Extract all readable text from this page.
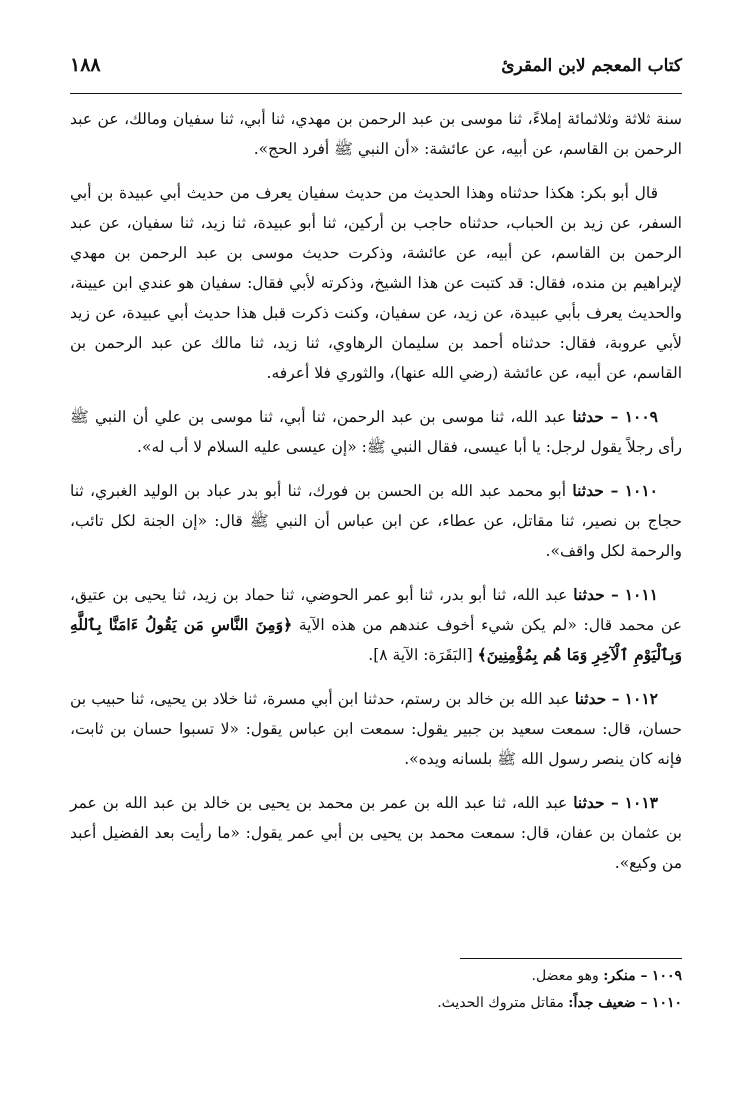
كتاب المعجم لابن المقرئ
١٨٨

سنة ثلاثة وثلاثمائة إملاءً، ثنا موسى بن عبد الرحمن بن مهدي، ثنا أبي، ثنا سفيان ومالك، عن عبد الرحمن بن القاسم، عن أبيه، عن عائشة: «أن النبي ﷺ أفرد الحج».

قال أبو بكر: هكذا حدثناه وهذا الحديث من حديث سفيان يعرف من حديث أبي عبيدة بن أبي السفر، عن زيد بن الحباب، حدثناه حاجب بن أركين، ثنا أبو عبيدة، ثنا زيد، ثنا سفيان، عن عبد الرحمن بن القاسم، عن أبيه، عن عائشة، وذكرت حديث موسى بن عبد الرحمن بن مهدي لإبراهيم بن منده، فقال: قد كتبت عن هذا الشيخ، وذكرته لأبي فقال: سفيان هو عندي ابن عيينة، والحديث يعرف بأبي عبيدة، عن زيد، عن سفيان، وكنت ذكرت قبل هذا حديث أبي عبيدة، عن زيد لأبي عروبة، فقال: حدثناه أحمد بن سليمان الرهاوي، ثنا زيد، ثنا مالك عن عبد الرحمن بن القاسم، عن أبيه، عن عائشة (رضي الله عنها)، والثوري فلا أعرفه.

١٠٠٩ – حدثنا عبد الله، ثنا موسى بن عبد الرحمن، ثنا أبي، ثنا موسى بن علي أن النبي ﷺ رأى رجلاً يقول لرجل: يا أبا عيسى، فقال النبي ﷺ: «إن عيسى عليه السلام لا أب له».

١٠١٠ – حدثنا أبو محمد عبد الله بن الحسن بن فورك، ثنا أبو بدر عباد بن الوليد الغبري، ثنا حجاج بن نصير، ثنا مقاتل، عن عطاء، عن ابن عباس أن النبي ﷺ قال: «إن الجنة لكل تائب، والرحمة لكل واقف».

١٠١١ – حدثنا عبد الله، ثنا أبو بدر، ثنا أبو عمر الحوضي، ثنا حماد بن زيد، ثنا يحيى بن عتيق، عن محمد قال: «لم يكن شيء أخوف عندهم من هذه الآية ﴿وَمِنَ النَّاسِ مَن يَقُولُ ءَامَنَّا بِٱللَّهِ وَبِٱلْيَوْمِ ٱلْآخِرِ وَمَا هُم بِمُؤْمِنِينَ﴾ [البَقَرَة: الآية ٨].

١٠١٢ – حدثنا عبد الله بن خالد بن رستم، حدثنا ابن أبي مسرة، ثنا خلاد بن يحيى، ثنا حبيب بن حسان، قال: سمعت سعيد بن جبير يقول: سمعت ابن عباس يقول: «لا تسبوا حسان بن ثابت، فإنه كان ينصر رسول الله ﷺ بلسانه ويده».

١٠١٣ – حدثنا عبد الله، ثنا عبد الله بن عمر بن محمد بن يحيى بن خالد بن عبد الله بن عمر بن عثمان بن عفان، قال: سمعت محمد بن يحيى بن أبي عمر يقول: «ما رأيت بعد الفضيل أعبد من وكيع».

١٠٠٩ – منكر: وهو معضل.

١٠١٠ – ضعيف جداً: مقاتل متروك الحديث.
